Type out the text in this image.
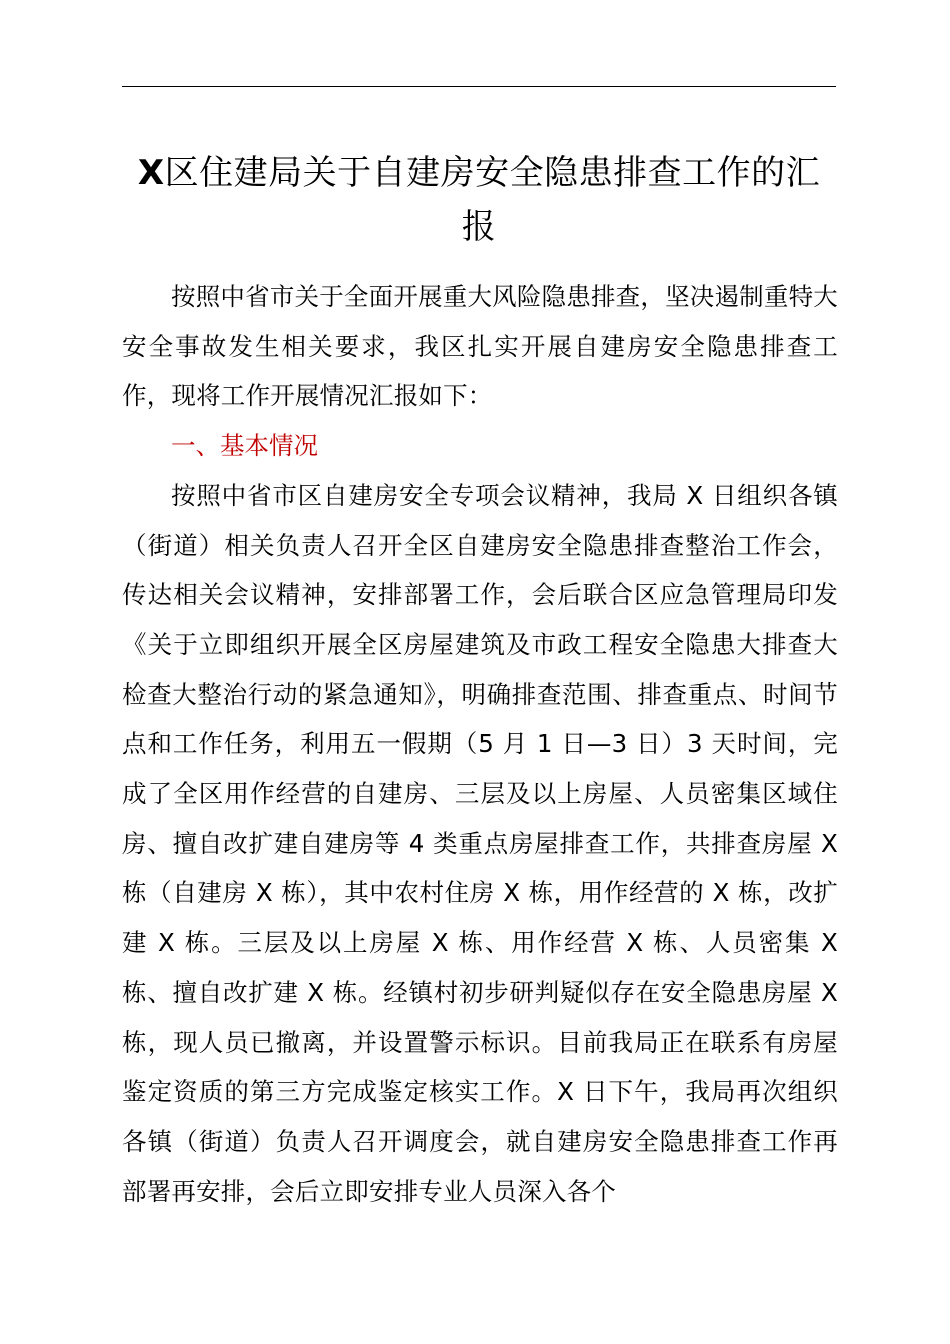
X区住建局关于自建房安全隐患排查工作的汇
报

按照中省市关于全面开展重大风险隐患排查，坚决遏制重特大安全事故发生相关要求，我区扎实开展自建房安全隐患排查工作，现将工作开展情况汇报如下：

一、基本情况

按照中省市区自建房安全专项会议精神，我局 X 日组织各镇（街道）相关负责人召开全区自建房安全隐患排查整治工作会，传达相关会议精神，安排部署工作，会后联合区应急管理局印发《关于立即组织开展全区房屋建筑及市政工程安全隐患大排查大检查大整治行动的紧急通知》，明确排查范围、排查重点、时间节点和工作任务，利用五一假期（5 月 1 日—3 日）3 天时间，完成了全区用作经营的自建房、三层及以上房屋、人员密集区域住房、擅自改扩建自建房等 4 类重点房屋排查工作，共排查房屋 X 栋（自建房 X 栋），其中农村住房 X 栋，用作经营的 X 栋，改扩建 X 栋。三层及以上房屋 X 栋、用作经营 X 栋、人员密集 X 栋、擅自改扩建 X 栋。经镇村初步研判疑似存在安全隐患房屋 X 栋，现人员已撤离，并设置警示标识。目前我局正在联系有房屋鉴定资质的第三方完成鉴定核实工作。X 日下午，我局再次组织各镇（街道）负责人召开调度会，就自建房安全隐患排查工作再部署再安排，会后立即安排专业人员深入各个
